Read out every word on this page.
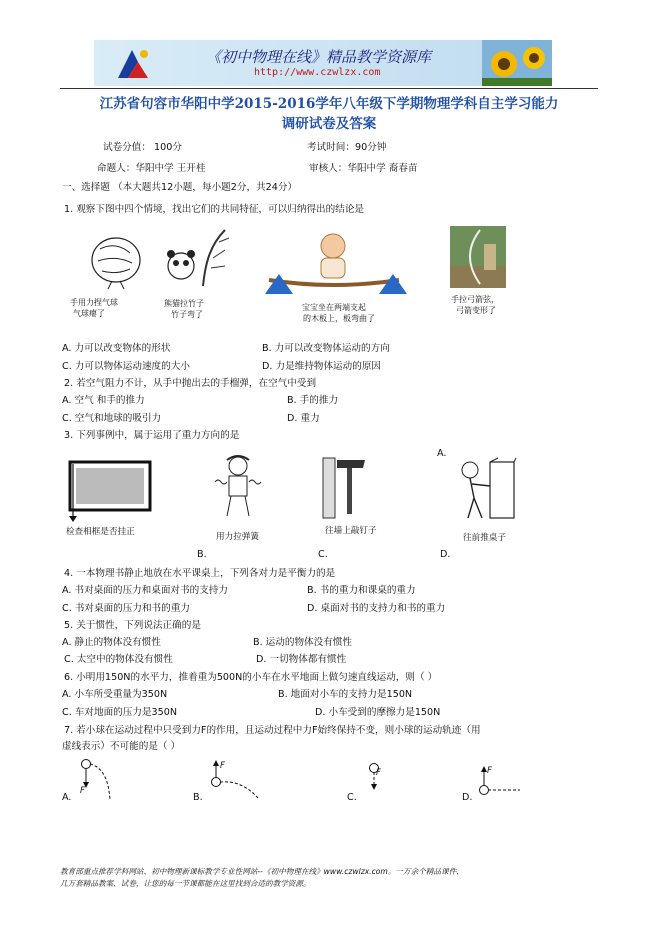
《初中物理在线》精品教学资源库
http://www.czwlzx.com
江苏省句容市华阳中学2015-2016学年八年级下学期物理学科自主学习能力
调研试卷及答案
试卷分值： 100分	考试时间：90分钟
命题人：华阳中学 王开桂	审核人：华阳中学 裔春苗
一、选择题 （本大题共12小题，每小题2分，共24分）
1. 观察下图中四个情境，找出它们的共同特征，可以归纳得出的结论是
手用力捏气球
气球瘪了
熊猫拉竹子
竹子弯了
宝宝坐在两端支起
的木板上，板弯曲了
手拉弓箭弦，
弓箭变形了
A. 力可以改变物体的形状	B. 力可以改变物体运动的方向
C. 力可以物体运动速度的大小	D. 力是维持物体运动的原因
2. 若空气阻力不计，从手中抛出去的手榴弹，在空气中受到
A. 空气 和手的推力	B. 手的推力
C. 空气和地球的吸引力	D. 重力
3. 下列事例中，属于运用了重力方向的是
A.
检查相框是否挂正	用力拉弹簧
往墙上敲钉子
往前推桌子
B.	C.	D.
4. 一本物理书静止地放在水平课桌上，下列各对力是平衡力的是
A. 书对桌面的压力和桌面对书的支持力	B. 书的重力和课桌的重力
C. 书对桌面的压力和书的重力	D. 桌面对书的支持力和书的重力
5. 关于惯性，下列说法正确的是
A. 静止的物体没有惯性	B. 运动的物体没有惯性
C. 太空中的物体没有惯性	D. 一切物体都有惯性
6. 小明用150N的水平力，推着重为500N的小车在水平地面上做匀速直线运动，则（ ）
A. 小车所受重量为350N	B. 地面对小车的支持力是150N
C. 车对地面的压力是350N	D. 小车受到的摩擦力是150N
7. 若小球在运动过程中只受到力F的作用，且运动过程中力F始终保持不变，则小球的运动轨迹（用
虚线表示）不可能的是（ ）
A.
F
B.
F
C.
F
D.
F
教育部重点推荐学科网站、初中物理新课标教学专业性网站--《初中物理在线》www.czwlzx.com。一万余个精品课件、
几万套精品教案、试卷，让您的每一节课都能在这里找到合适的教学资源。
